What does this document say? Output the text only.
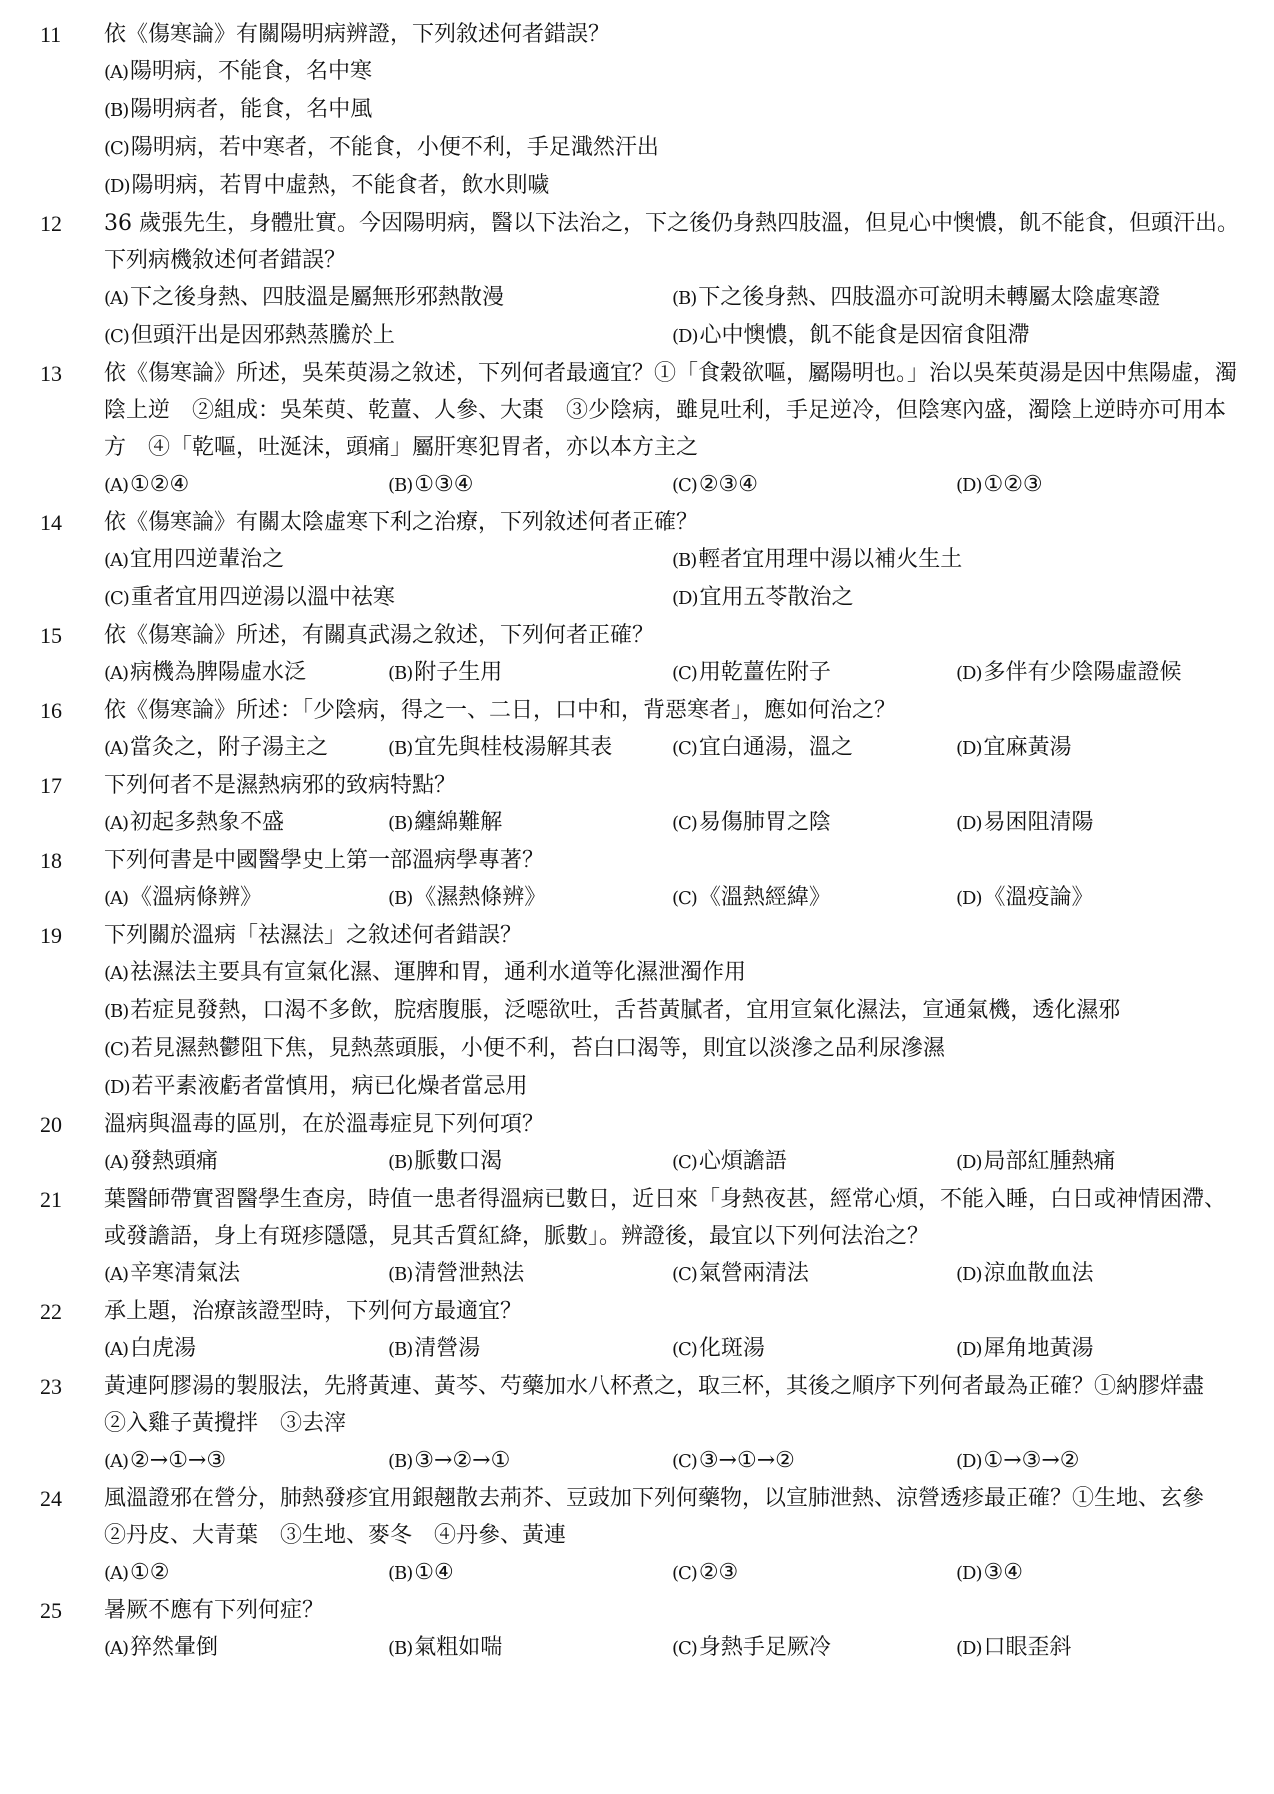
11	依《傷寒論》有關陽明病辨證，下列敘述何者錯誤？

(A)陽明病，不能食，名中寒
(B)陽明病者，能食，名中風
(C)陽明病，若中寒者，不能食，小便不利，手足濈然汗出
(D)陽明病，若胃中虛熱，不能食者，飲水則噦
12	36 歲張先生，身體壯實。今因陽明病，醫以下法治之，下之後仍身熱四肢溫，但見心中懊憹，飢不能食，但頭汗出。下列病機敘述何者錯誤？

(A)下之後身熱、四肢溫是屬無形邪熱散漫	(B)下之後身熱、四肢溫亦可說明未轉屬太陰虛寒證
(C)但頭汗出是因邪熱蒸騰於上	(D)心中懊憹，飢不能食是因宿食阻滯
13	依《傷寒論》所述，吳茱萸湯之敘述，下列何者最適宜？①「食穀欲嘔，屬陽明也。」治以吳茱萸湯是因中焦陽虛，濁陰上逆　②組成：吳茱萸、乾薑、人參、大棗　③少陰病，雖見吐利，手足逆冷，但陰寒內盛，濁陰上逆時亦可用本方　④「乾嘔，吐涎沫，頭痛」屬肝寒犯胃者，亦以本方主之

(A)①②④	(B)①③④	(C)②③④	(D)①②③
14	依《傷寒論》有關太陰虛寒下利之治療，下列敘述何者正確？

(A)宜用四逆輩治之	(B)輕者宜用理中湯以補火生土
(C)重者宜用四逆湯以溫中祛寒	(D)宜用五苓散治之
15	依《傷寒論》所述，有關真武湯之敘述，下列何者正確？

(A)病機為脾陽虛水泛	(B)附子生用	(C)用乾薑佐附子	(D)多伴有少陰陽虛證候
16	依《傷寒論》所述：「少陰病，得之一、二日，口中和，背惡寒者」，應如何治之？

(A)當灸之，附子湯主之	(B)宜先與桂枝湯解其表	(C)宜白通湯，溫之	(D)宜麻黃湯
17	下列何者不是濕熱病邪的致病特點？

(A)初起多熱象不盛	(B)纏綿難解	(C)易傷肺胃之陰	(D)易困阻清陽
18	下列何書是中國醫學史上第一部溫病學專著？

(A)《溫病條辨》	(B)《濕熱條辨》	(C)《溫熱經緯》	(D)《溫疫論》
19	下列關於溫病「祛濕法」之敘述何者錯誤？

(A)祛濕法主要具有宣氣化濕、運脾和胃，通利水道等化濕泄濁作用
(B)若症見發熱，口渴不多飲，脘痞腹脹，泛噁欲吐，舌苔黃膩者，宜用宣氣化濕法，宣通氣機，透化濕邪
(C)若見濕熱鬱阻下焦，見熱蒸頭脹，小便不利，苔白口渴等，則宜以淡滲之品利尿滲濕
(D)若平素液虧者當慎用，病已化燥者當忌用
20	溫病與溫毒的區別，在於溫毒症見下列何項？

(A)發熱頭痛	(B)脈數口渴	(C)心煩譫語	(D)局部紅腫熱痛
21	葉醫師帶實習醫學生查房，時值一患者得溫病已數日，近日來「身熱夜甚，經常心煩，不能入睡，白日或神情困滯、或發譫語，身上有斑疹隱隱，見其舌質紅絳，脈數」。辨證後，最宜以下列何法治之？

(A)辛寒清氣法	(B)清營泄熱法	(C)氣營兩清法	(D)涼血散血法
22	承上題，治療該證型時，下列何方最適宜？

(A)白虎湯	(B)清營湯	(C)化斑湯	(D)犀角地黃湯
23	黃連阿膠湯的製服法，先將黃連、黃芩、芍藥加水八杯煮之，取三杯，其後之順序下列何者最為正確？①納膠烊盡　②入雞子黃攪拌　③去滓

(A)②→①→③	(B)③→②→①	(C)③→①→②	(D)①→③→②
24	風溫證邪在營分，肺熱發疹宜用銀翹散去荊芥、豆豉加下列何藥物，以宣肺泄熱、涼營透疹最正確？①生地、玄參　②丹皮、大青葉　③生地、麥冬　④丹參、黃連

(A)①②	(B)①④	(C)②③	(D)③④
25	暑厥不應有下列何症？

(A)猝然暈倒	(B)氣粗如喘	(C)身熱手足厥冷	(D)口眼歪斜
